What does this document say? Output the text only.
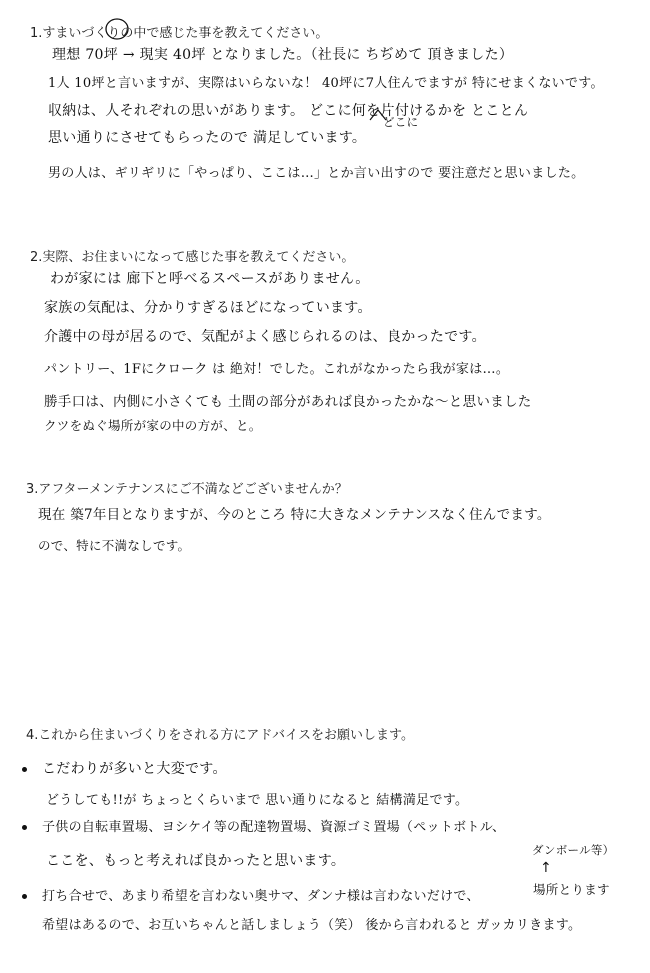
1.すまいづくりの中で感じた事を教えてください。
理想 70坪 → 現実 40坪 となりました。（社長に ちぢめて 頂きました）
1人 10坪と言いますが、実際はいらないな！ 40坪に7人住んでますが 特にせまくないです。
収納は、人それぞれの思いがあります。 どこに何を片付けるかを とことん
どこに
思い通りにさせてもらったので 満足しています。
男の人は、ギリギリに「やっぱり、ここは…」とか言い出すので 要注意だと思いました。
2.実際、お住まいになって感じた事を教えてください。
わが家には 廊下と呼べるスペースがありません。
家族の気配は、分かりすぎるほどになっています。
介護中の母が居るので、気配がよく感じられるのは、良かったです。
パントリー、1Fにクローク は 絶対！でした。これがなかったら我が家は…。
勝手口は、内側に小さくても 土間の部分があれば良かったかな〜と思いました
クツをぬぐ場所が家の中の方が、と。
3.アフターメンテナンスにご不満などございませんか？
現在 築7年目となりますが、今のところ 特に大きなメンテナンスなく住んでます。
ので、特に不満なしです。
4.これから住まいづくりをされる方にアドバイスをお願いします。
こだわりが多いと大変です。
どうしても!!が ちょっとくらいまで 思い通りになると 結構満足です。
子供の自転車置場、ヨシケイ等の配達物置場、資源ゴミ置場（ペットボトル、
ダンボール等）
ここを、もっと考えれば良かったと思います。	↑
場所とります
打ち合せで、あまり希望を言わない奥サマ、ダンナ様は言わないだけで、
希望はあるので、お互いちゃんと話しましょう（笑） 後から言われると ガッカリきます。
